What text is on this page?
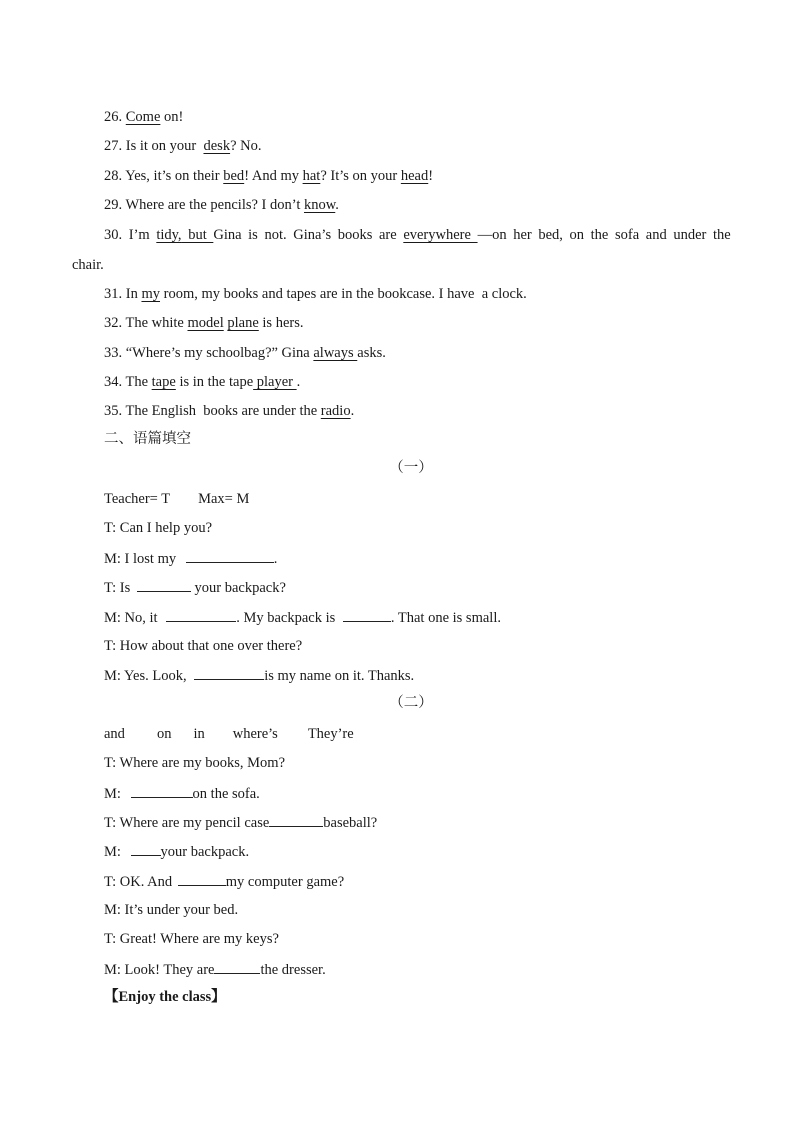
26. Come on!
27. Is it on your  desk? No.
28. Yes, it’s on their bed! And my hat? It’s on your head!
29. Where are the pencils? I don’t know.
30. I’m tidy, but Gina is not. Gina’s books are everywhere —on her bed, on the sofa and under the
chair.
31. In my room, my books and tapes are in the bookcase. I have  a clock.
32. The white model plane is hers.
33. “Where’s my schoolbag?” Gina always asks.
34. The tape is in the tape player .
35. The English  books are under the radio.
二、语篇填空
（一）
Teacher= T Max= M
T: Can I help you?
M: I lost my	.
T: Is	your backpack?
M: No, it	. My backpack is	. That one is small.
T: How about that one over there?
M: Yes. Look,	is my name on it. Thanks.
（二）
and on in where’s They’re
T: Where are my books, Mom?
M:	on the sofa.
T: Where are my pencil case	baseball?
M: your backpack.
T: OK. And	my computer game?
M: It’s under your bed.
T: Great! Where are my keys?
M: Look! They are	the dresser.
【Enjoy the class】
